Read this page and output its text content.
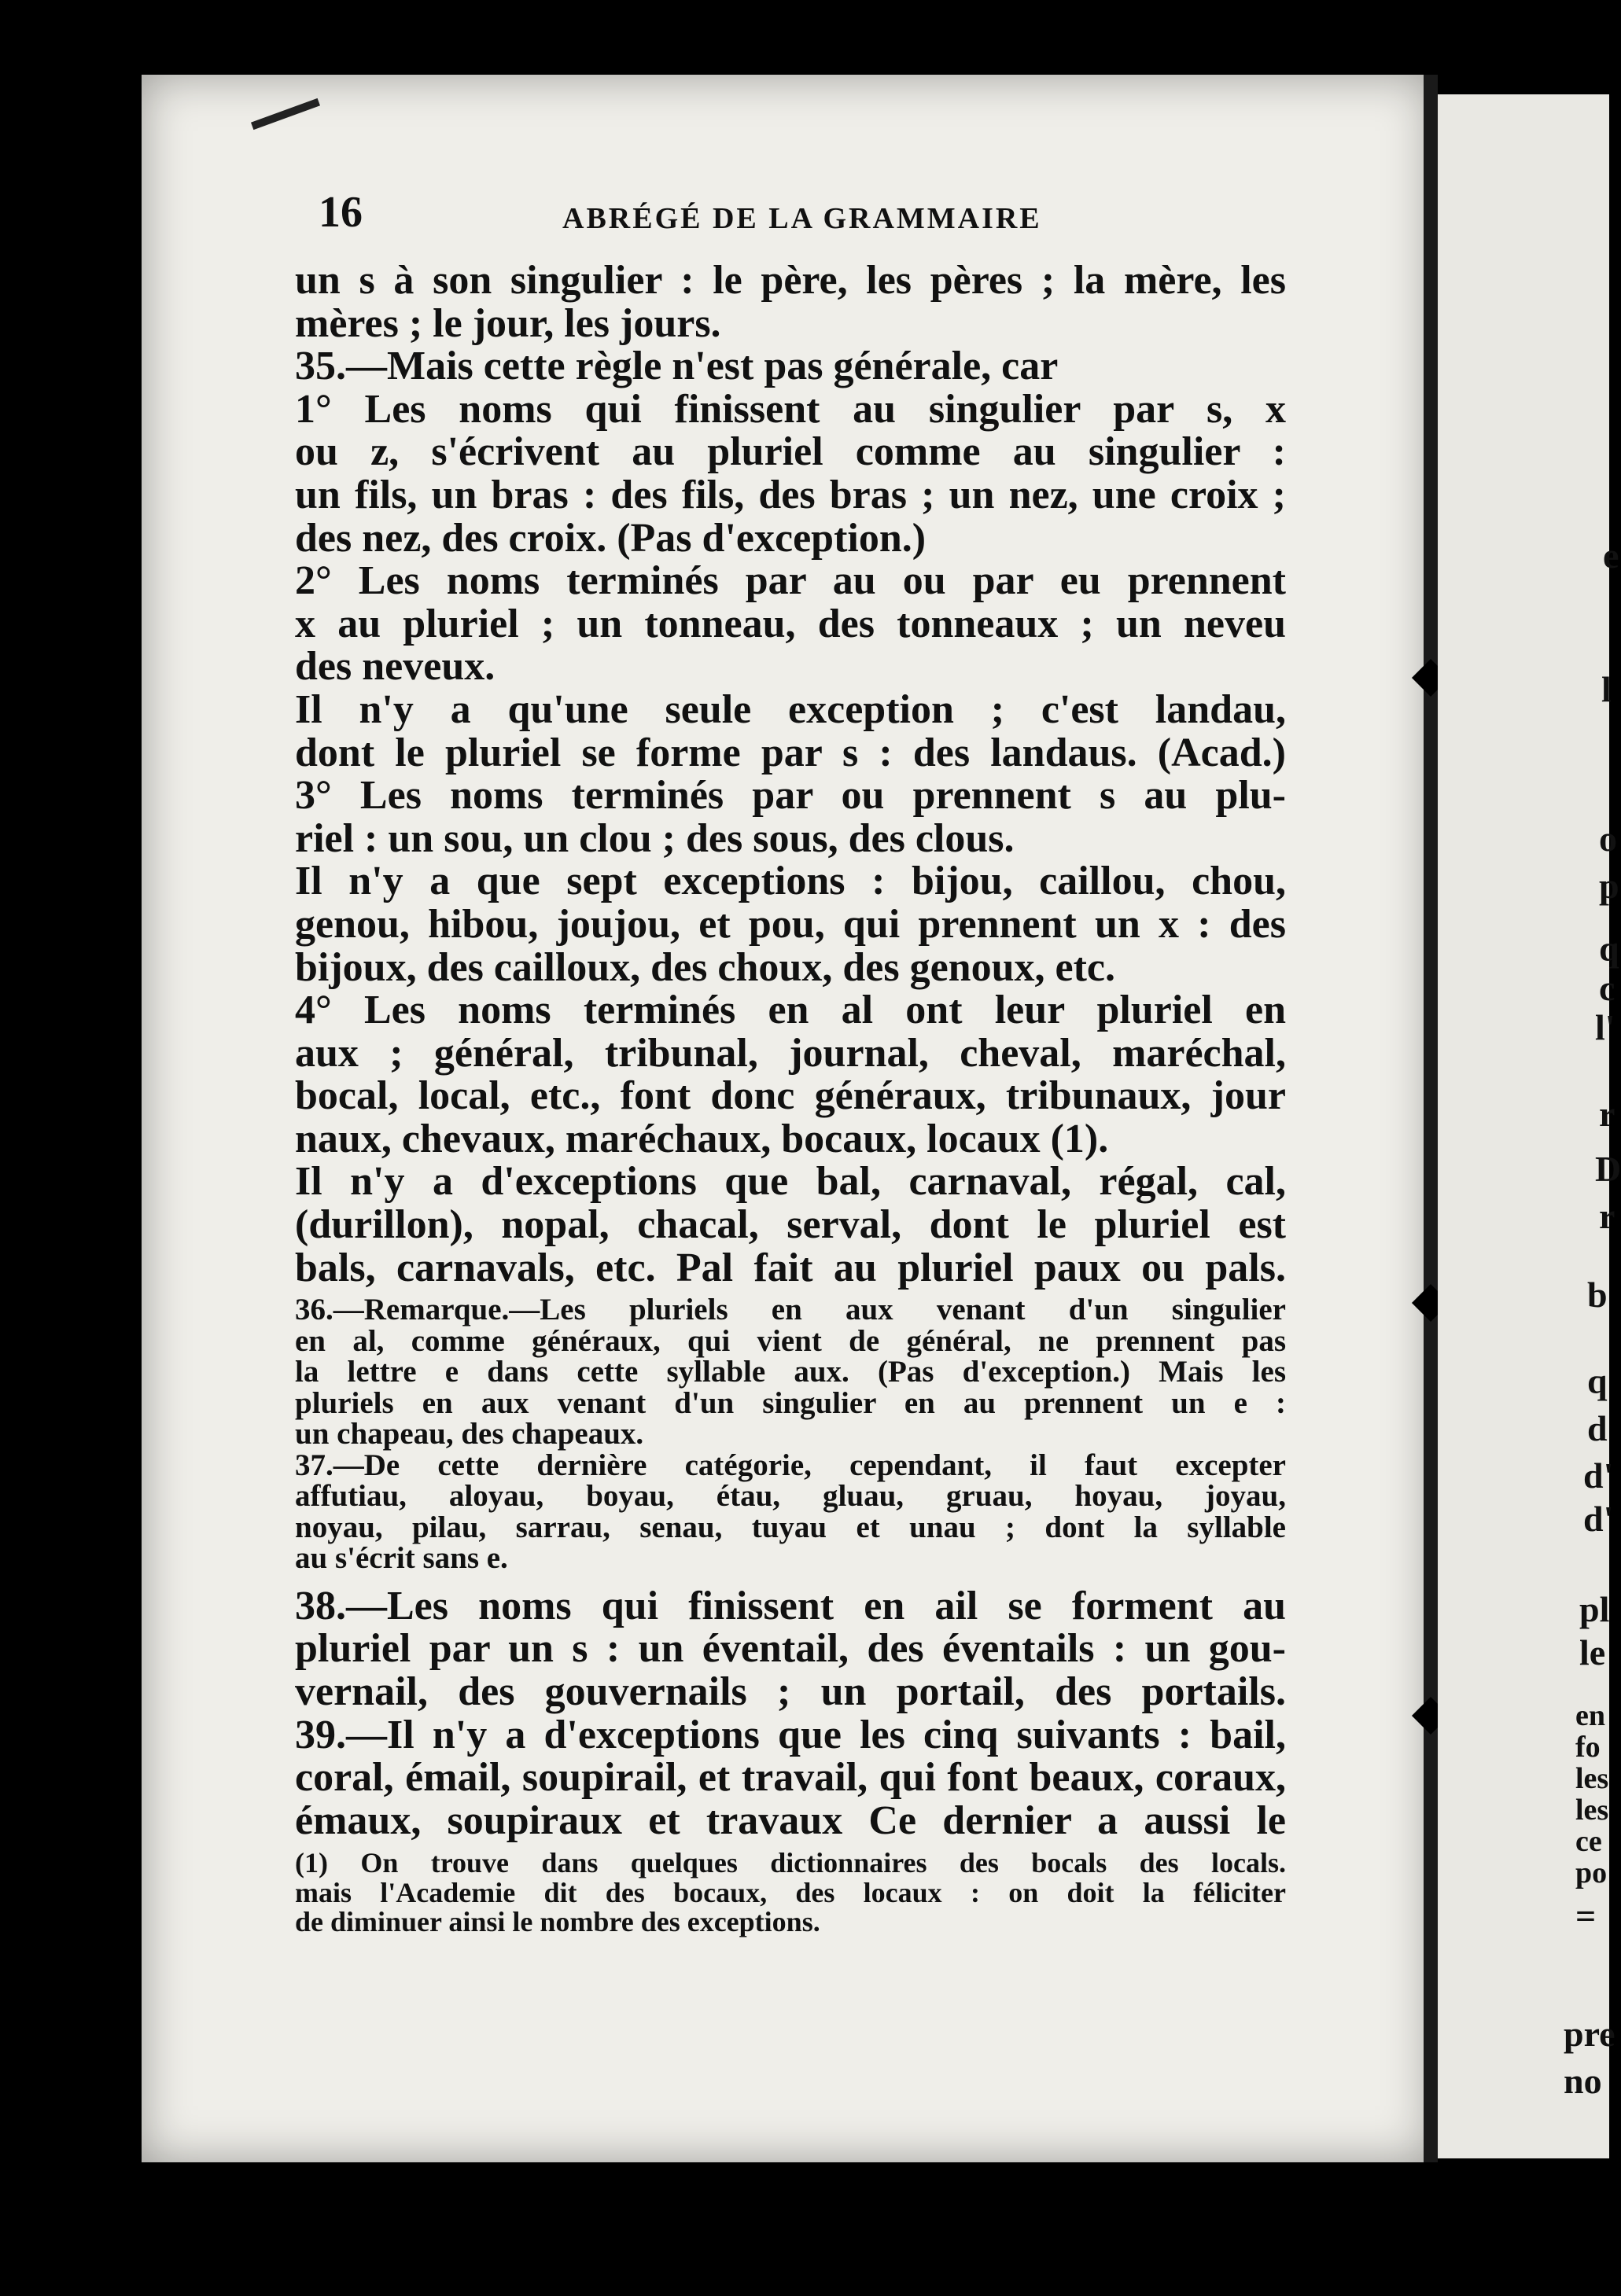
e
l
o
p
q
c
l'
r
D
r
b
q
d
d'
d'
pl
le
en
fo
les
les
ce
po
=
pre
no
16	ABRÉGÉ DE LA GRAMMAIRE
un s à son singulier : le père, les pères ; la mère, les
mères ; le jour, les jours.
35.—Mais cette règle n'est pas générale, car
1° Les noms qui finissent au singulier par s, x
ou z, s'écrivent au pluriel comme au singulier :
un fils, un bras : des fils, des bras ; un nez, une croix ;
des nez, des croix. (Pas d'exception.)
2° Les noms terminés par au ou par eu prennent
x au pluriel ; un tonneau, des tonneaux ; un neveu
des neveux.
Il n'y a qu'une seule exception ; c'est landau,
dont le pluriel se forme par s : des landaus. (Acad.)
3° Les noms terminés par ou prennent s au plu-
riel : un sou, un clou ; des sous, des clous.
Il n'y a que sept exceptions : bijou, caillou, chou,
genou, hibou, joujou, et pou, qui prennent un x : des
bijoux, des cailloux, des choux, des genoux, etc.
4° Les noms terminés en al ont leur pluriel en
aux ; général, tribunal, journal, cheval, maréchal,
bocal, local, etc., font donc généraux, tribunaux, jour
naux, chevaux, maréchaux, bocaux, locaux (1).
Il n'y a d'exceptions que bal, carnaval, régal, cal,
(durillon), nopal, chacal, serval, dont le pluriel est
bals, carnavals, etc. Pal fait au pluriel paux ou pals.
36.—Remarque.—Les pluriels en aux venant d'un singulier
en al, comme généraux, qui vient de général, ne prennent pas
la lettre e dans cette syllable aux. (Pas d'exception.) Mais les
pluriels en aux venant d'un singulier en au prennent un e :
un chapeau, des chapeaux.
37.—De cette dernière catégorie, cependant, il faut excepter
affutiau, aloyau, boyau, étau, gluau, gruau, hoyau, joyau,
noyau, pilau, sarrau, senau, tuyau et unau ; dont la syllable
au s'écrit sans e.
38.—Les noms qui finissent en ail se forment au
pluriel par un s : un éventail, des éventails : un gou-
vernail, des gouvernails ; un portail, des portails.
39.—Il n'y a d'exceptions que les cinq suivants : bail,
coral, émail, soupirail, et travail, qui font beaux, coraux,
émaux, soupiraux et travaux Ce dernier a aussi le
(1) On trouve dans quelques dictionnaires des bocals des locals.
mais l'Academie dit des bocaux, des locaux : on doit la féliciter
de diminuer ainsi le nombre des exceptions.
